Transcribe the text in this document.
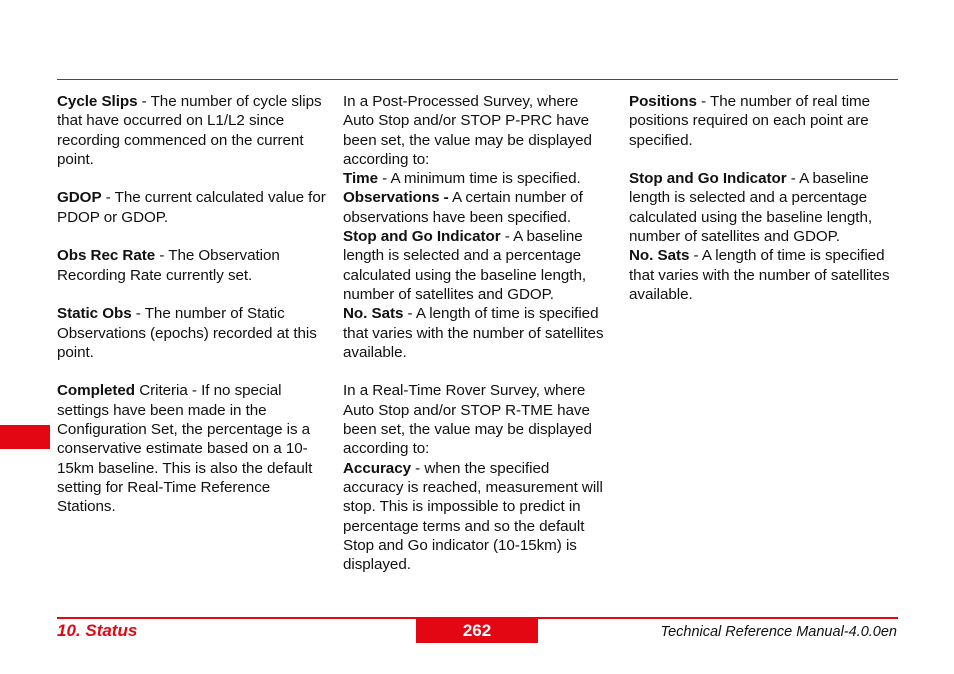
Cycle Slips - The number of cycle slips that have occurred on L1/L2 since recording commenced on the current point.

GDOP - The current calculated value for PDOP or GDOP.

Obs Rec Rate - The Observation Recording Rate currently set.

Static Obs - The number of Static Observations (epochs) recorded at this point.

Completed Criteria - If no special settings have been made in the Configuration Set, the percentage is a conservative estimate based on a 10-15km baseline. This is also the default setting for Real-Time Reference Stations.

In a Post-Processed Survey, where Auto Stop and/or STOP P-PRC have been set, the value may be displayed according to:

Time - A minimum time is specified.

Observations - A certain number of observations have been specified.

Stop and Go Indicator - A baseline length is selected and a percentage calculated using the baseline length, number of satellites and GDOP.

No. Sats - A length of time is specified that varies with the number of satellites available.

In a Real-Time Rover Survey, where Auto Stop and/or STOP R-TME have been set, the value may be displayed according to:

Accuracy - when the specified accuracy is reached, measurement will stop. This is impossible to predict in percentage terms and so the default Stop and Go indicator (10-15km) is displayed.

Positions - The number of real time positions required on each point are specified.

Stop and Go Indicator - A baseline length is selected and a percentage calculated using the baseline length, number of satellites and GDOP.

No. Sats - A length of time is specified that varies with the number of satellites available.

10. Status	262	Technical Reference Manual-4.0.0en
